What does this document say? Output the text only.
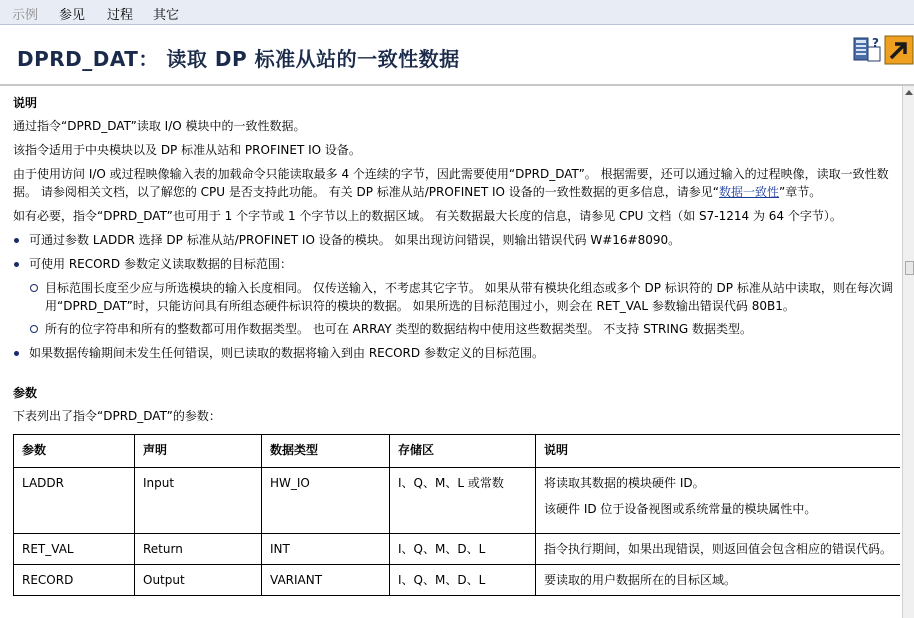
示例 参见 过程 其它
DPRD_DAT： 读取 DP 标准从站的一致性数据
?
说明
通过指令“DPRD_DAT”读取 I/O 模块中的一致性数据。
该指令适用于中央模块以及 DP 标准从站和 PROFINET IO 设备。
由于使用访问 I/O 或过程映像输入表的加载命令只能读取最多 4 个连续的字节，因此需要使用“DPRD_DAT”。 根据需要，还可以通过输入的过程映像，读取一致性数据。 请参阅相关文档，以了解您的 CPU 是否支持此功能。 有关 DP 标准从站/PROFINET IO 设备的一致性数据的更多信息，请参见“数据一致性”章节。
如有必要，指令“DPRD_DAT”也可用于 1 个字节或 1 个字节以上的数据区域。 有关数据最大长度的信息，请参见 CPU 文档（如 S7-1214 为 64 个字节）。
可通过参数 LADDR 选择 DP 标准从站/PROFINET IO 设备的模块。 如果出现访问错误，则输出错误代码 W#16#8090。
可使用 RECORD 参数定义读取数据的目标范围：
目标范围长度至少应与所选模块的输入长度相同。 仅传送输入，不考虑其它字节。 如果从带有模块化组态或多个 DP 标识符的 DP 标准从站中读取，则在每次调用“DPRD_DAT”时，只能访问具有所组态硬件标识符的模块的数据。 如果所选的目标范围过小，则会在 RET_VAL 参数输出错误代码 80B1。
所有的位字符串和所有的整数都可用作数据类型。 也可在 ARRAY 类型的数据结构中使用这些数据类型。 不支持 STRING 数据类型。
如果数据传输期间未发生任何错误，则已读取的数据将输入到由 RECORD 参数定义的目标范围。
参数
下表列出了指令“DPRD_DAT”的参数：
参数	声明	数据类型	存储区	说明
LADDR	Input	HW_IO	I、Q、M、L 或常数	将读取其数据的模块硬件 ID。

该硬件 ID 位于设备视图或系统常量的模块属性中。

RET_VAL	Return	INT	I、Q、M、D、L	指令执行期间，如果出现错误，则返回值会包含相应的错误代码。
RECORD	Output	VARIANT	I、Q、M、D、L	要读取的用户数据所在的目标区域。
